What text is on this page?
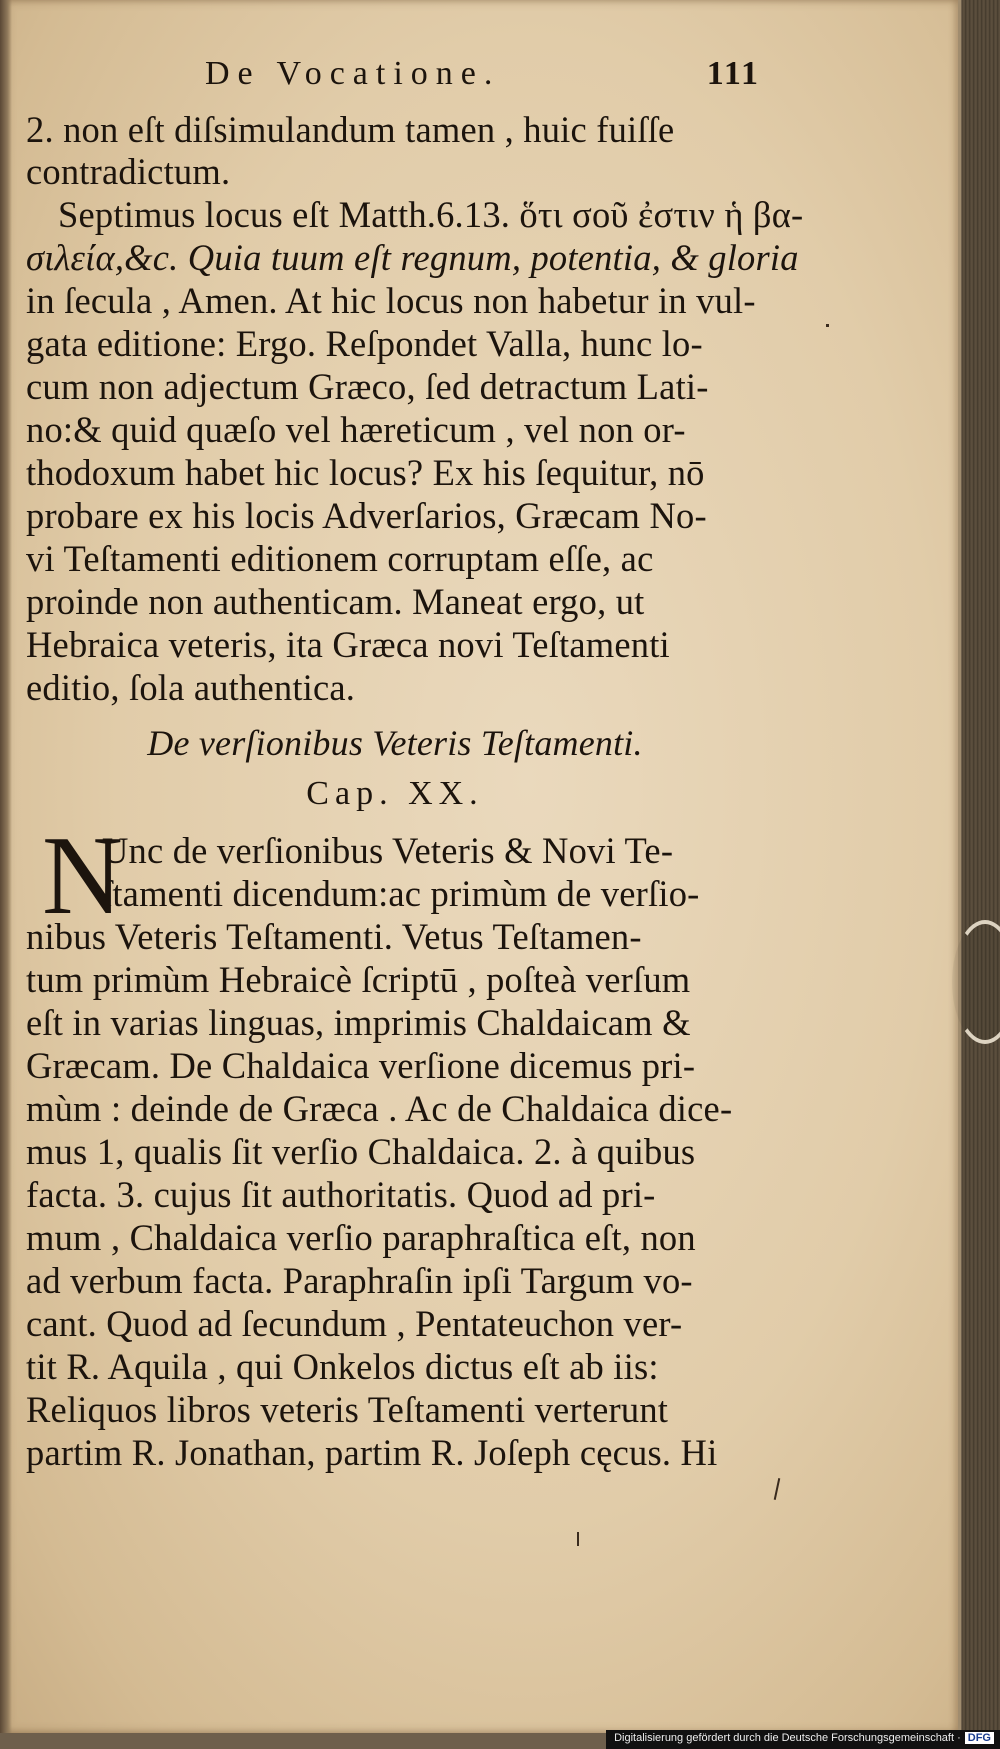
De Vocatione.	111
2. non eſt diſsimulandum tamen , huic fuiſſe
contradictum.
Septimus locus eſt Matth.6.13. ὅτι σοῦ ἐστιν ἡ βα-
σιλεία,&c. Quia tuum eſt regnum, potentia, & gloria
in ſecula , Amen. At hic locus non habetur in vul-
gata editione: Ergo. Reſpondet Valla, hunc lo-
cum non adjectum Græco, ſed detractum Lati-
no:& quid quæſo vel hæreticum , vel non or-
thodoxum habet hic locus? Ex his ſequitur, nō
probare ex his locis Adverſarios, Græcam No-
vi Teſtamenti editionem corruptam eſſe, ac
proinde non authenticam. Maneat ergo, ut
Hebraica veteris, ita Græca novi Teſtamenti
editio, ſola authentica.
De verſionibus Veteris Teſtamenti.
Cap. XX.
N
Unc de verſionibus Veteris & Novi Te-
ſtamenti dicendum:ac primùm de verſio-
nibus Veteris Teſtamenti. Vetus Teſtamen-
tum primùm Hebraicè ſcriptū , poſteà verſum
eſt in varias linguas, imprimis Chaldaicam &
Græcam. De Chaldaica verſione dicemus pri-
mùm : deinde de Græca . Ac de Chaldaica dice-
mus 1, qualis ſit verſio Chaldaica. 2. à quibus
facta. 3. cujus ſit authoritatis. Quod ad pri-
mum , Chaldaica verſio paraphraſtica eſt, non
ad verbum facta. Paraphraſin ipſi Targum vo-
cant. Quod ad ſecundum , Pentateuchon ver-
tit R. Aquila , qui Onkelos dictus eſt ab iis:
Reliquos libros veteris Teſtamenti verterunt
partim R. Jonathan, partim R. Joſeph cęcus. Hi
Digitalisierung gefördert durch die Deutsche Forschungsgemeinschaft · DFG
